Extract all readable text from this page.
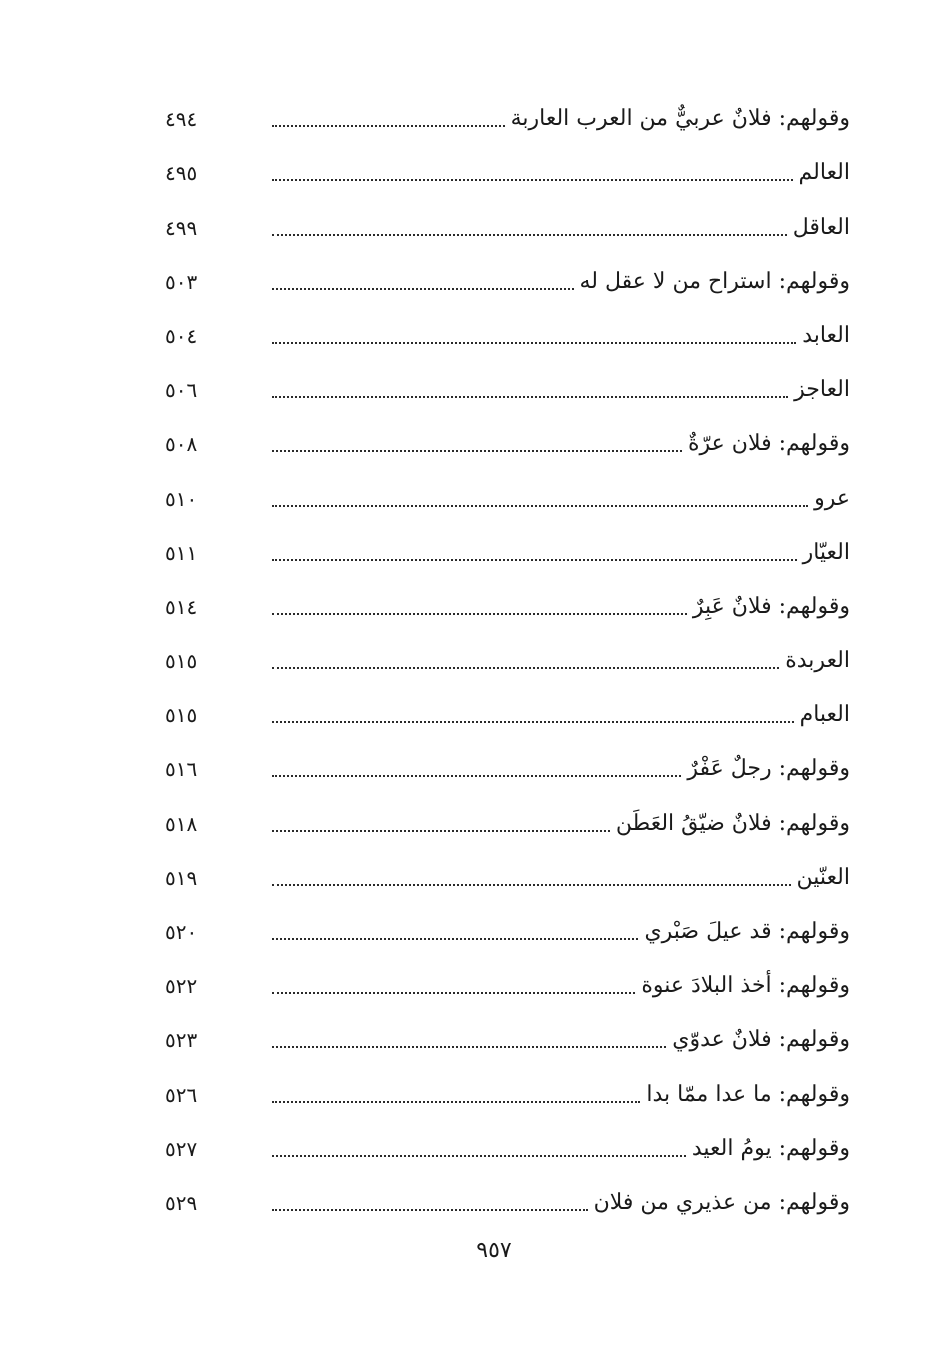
وقولهم: فلانٌ عربيٌّ من العرب العاربة
٤٩٤
العالم
٤٩٥
العاقل
٤٩٩
وقولهم: استراح من لا عقل له
٥٠٣
العابد
٥٠٤
العاجز
٥٠٦
وقولهم: فلان عرّةٌ
٥٠٨
عرو
٥١٠
العيّار
٥١١
وقولهم: فلانٌ عَبِرٌ
٥١٤
العربدة
٥١٥
العبام
٥١٥
وقولهم: رجلٌ عَفْرٌ
٥١٦
وقولهم: فلانٌ ضيّقُ العَطَن
٥١٨
العنّين
٥١٩
وقولهم: قد عيلَ صَبْري
٥٢٠
وقولهم: أخذ البلادَ عنوة
٥٢٢
وقولهم: فلانٌ عدوّي
٥٢٣
وقولهم: ما عدا ممّا بدا
٥٢٦
وقولهم: يومُ العيد
٥٢٧
وقولهم: من عذيري من فلان
٥٢٩
٩٥٧
